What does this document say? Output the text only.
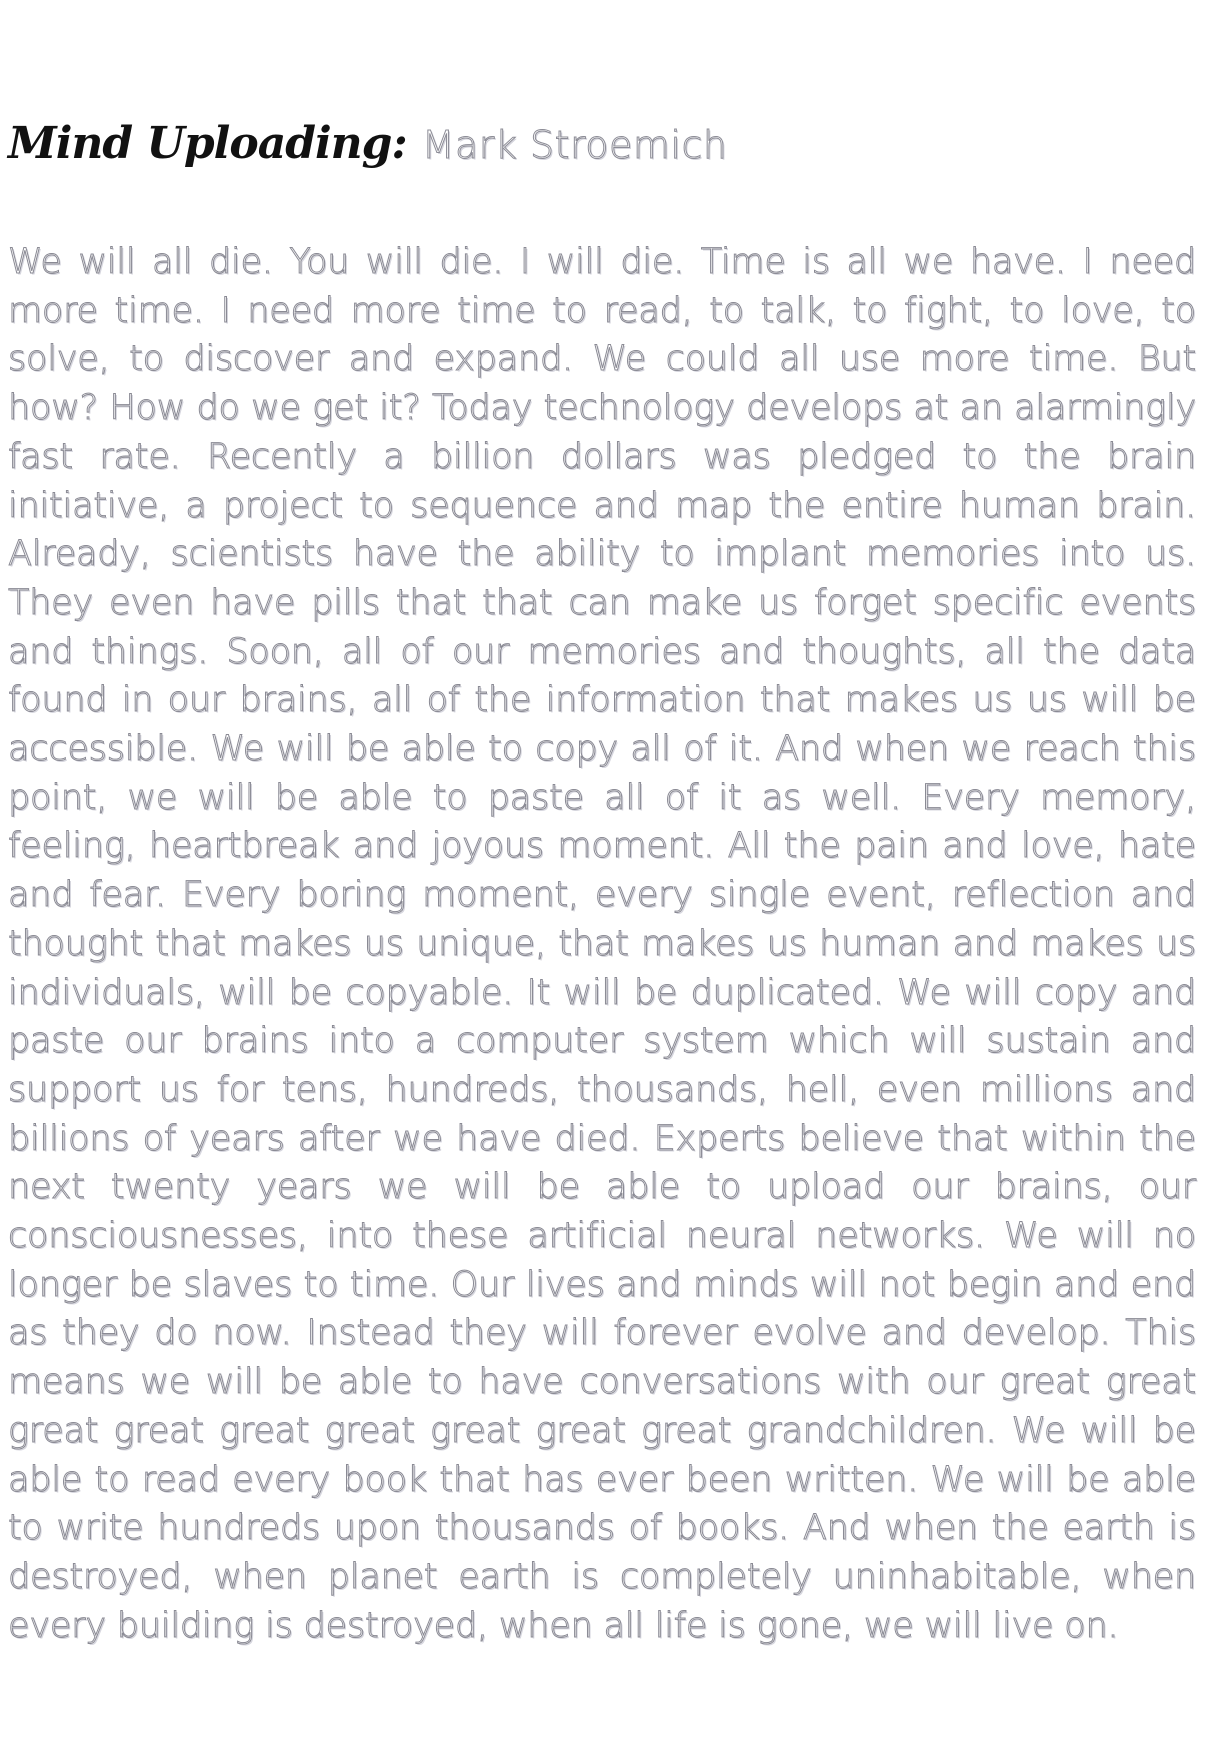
Mind Uploading : Mark Stroemich

We will all die. You will die. I will die. Time is all we have. I need more time. I need more time to read, to talk, to fight, to love, to solve, to discover and expand. We could all use more time. But how? How do we get it? Today technology develops at an alarmingly fast rate. Recently a billion dollars was pledged to the brain initiative, a project to sequence and map the entire human brain. Already, scientists have the ability to implant memories into us. They even have pills that that can make us forget specific events and things. Soon, all of our memories and thoughts, all the data found in our brains, all of the information that makes us us will be accessible. We will be able to copy all of it. And when we reach this point, we will be able to paste all of it as well. Every memory, feeling, heartbreak and joyous moment. All the pain and love, hate and fear. Every boring moment, every single event, reflection and thought that makes us unique, that makes us human and makes us individuals, will be copyable. It will be duplicated. We will copy and paste our brains into a computer system which will sustain and support us for tens, hundreds, thousands, hell, even millions and billions of years after we have died. Experts believe that within the next twenty years we will be able to upload our brains, our consciousnesses, into these artificial neural networks. We will no longer be slaves to time. Our lives and minds will not begin and end as they do now. Instead they will forever evolve and develop. This means we will be able to have conversations with our great great great great great great great great great grandchildren. We will be able to read every book that has ever been written. We will be able to write hundreds upon thousands of books. And when the earth is destroyed, when planet earth is completely uninhabitable, when every building is destroyed, when all life is gone, we will live on.
